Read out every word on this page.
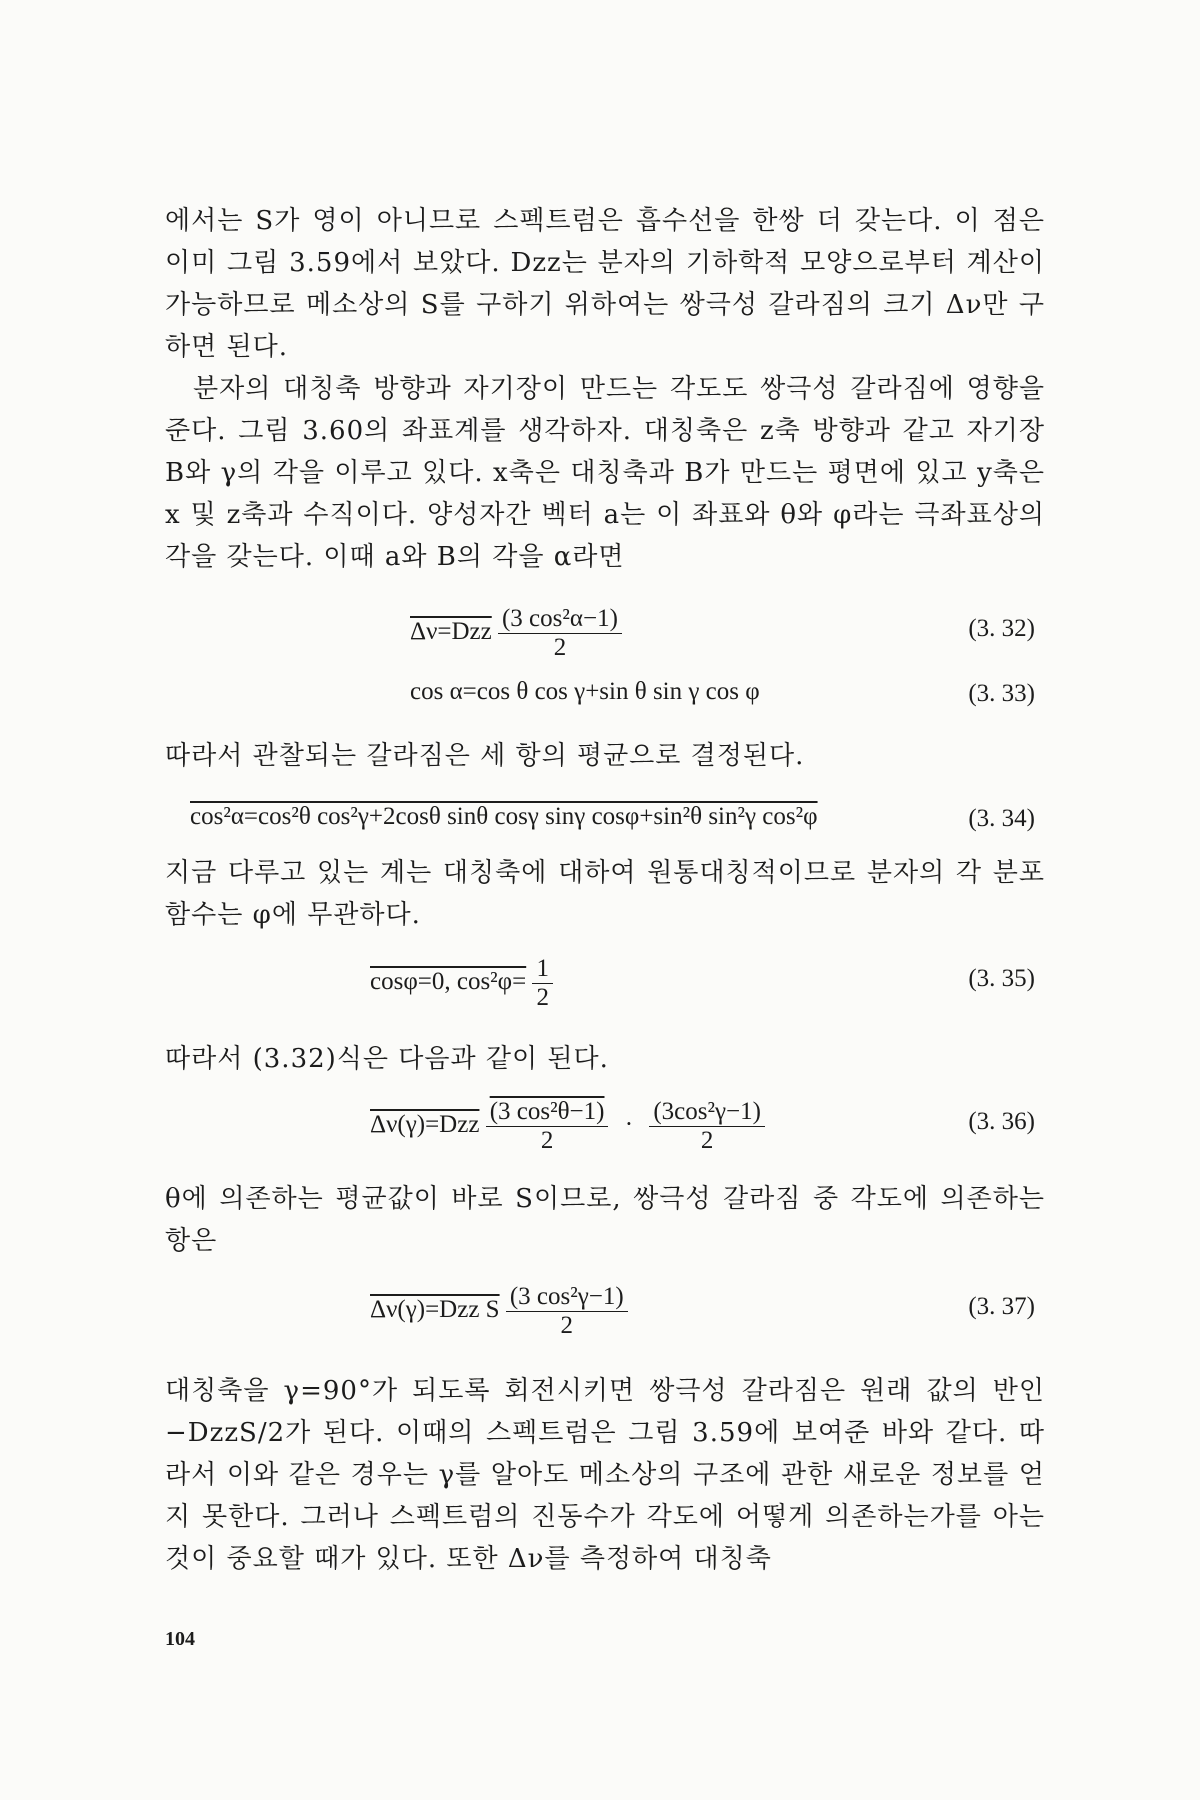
에서는 S가 영이 아니므로 스펙트럼은 흡수선을 한쌍 더 갖는다. 이 점은 이미 그림 3.59에서 보았다. Dzz는 분자의 기하학적 모양으로부터 계산이 가능하므로 메소상의 S를 구하기 위하여는 쌍극성 갈라짐의 크기 Δν만 구하면 된다.

분자의 대칭축 방향과 자기장이 만드는 각도도 쌍극성 갈라짐에 영향을 준다. 그림 3.60의 좌표계를 생각하자. 대칭축은 z축 방향과 같고 자기장 B와 γ의 각을 이루고 있다. x축은 대칭축과 B가 만드는 평면에 있고 y축은 x 및 z축과 수직이다. 양성자간 벡터 a는 이 좌표와 θ와 φ라는 극좌표상의 각을 갖는다. 이때 a와 B의 각을 α라면

$\Delta\nu=Dzz \frac{\text{(3 cos²α−1)}}{2}$	(3. 32)
cos α=cos θ cos γ+sin θ sin γ cos φ	(3. 33)

따라서 관찰되는 갈라짐은 세 항의 평균으로 결정된다.

cos²α=cos²θ cos²γ+2cosθ sinθ cosγ sinγ cosφ+sin²θ sin²γ cos²φ	(3. 34)

지금 다루고 있는 계는 대칭축에 대하여 원통대칭적이므로 분자의 각 분포함수는 φ에 무관하다.

cosφ=0, $\cos^2\varphi= \frac{1}{2}$	(3. 35)

따라서 (3.32)식은 다음과 같이 된다.

$\Delta\nu(\gamma)=Dzz \frac{\text{(3 cos²θ−1)}}{2} \cdot \frac{\text{(3cos²γ−1)}}{2}$	(3. 36)

θ에 의존하는 평균값이 바로 S이므로, 쌍극성 갈라짐 중 각도에 의존하는 항은

Δν(γ)=Dzz S $\frac{\text{(3 cos²γ−1)}}{2}$	(3. 37)

대칭축을 γ=90°가 되도록 회전시키면 쌍극성 갈라짐은 원래 값의 반인 −DzzS/2가 된다. 이때의 스펙트럼은 그림 3.59에 보여준 바와 같다. 따라서 이와 같은 경우는 γ를 알아도 메소상의 구조에 관한 새로운 정보를 얻지 못한다. 그러나 스펙트럼의 진동수가 각도에 어떻게 의존하는가를 아는 것이 중요할 때가 있다. 또한 Δν를 측정하여 대칭축

104
